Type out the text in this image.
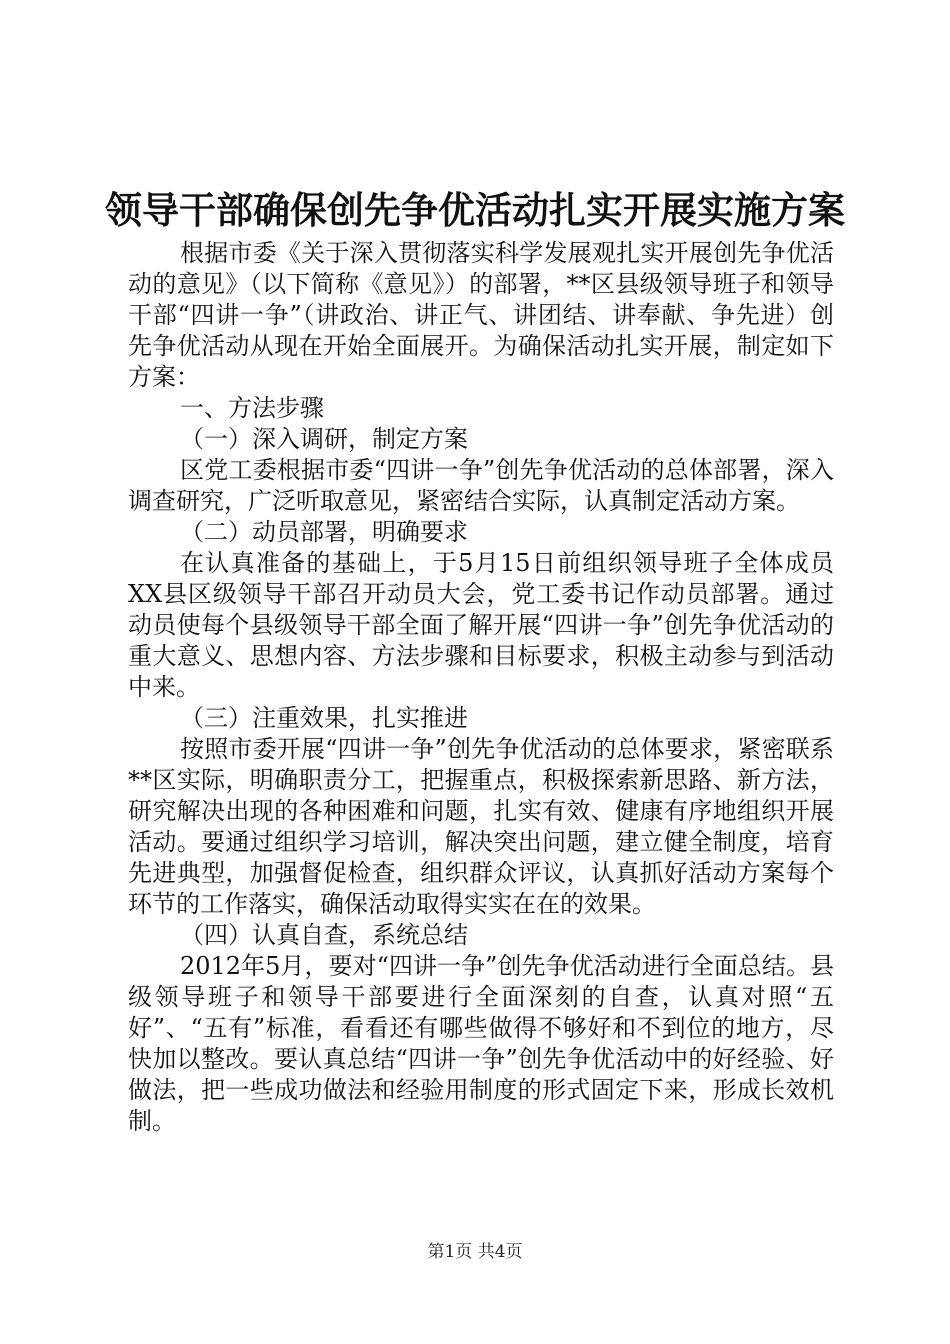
领导干部确保创先争优活动扎实开展实施方案

根据市委《关于深入贯彻落实科学发展观扎实开展创先争优活动的意见》（以下简称《意见》）的部署，**区县级领导班子和领导干部“四讲一争”（讲政治、讲正气、讲团结、讲奉献、争先进）创先争优活动从现在开始全面展开。为确保活动扎实开展，制定如下方案：

一、方法步骤

（一）深入调研，制定方案

区党工委根据市委“四讲一争”创先争优活动的总体部署，深入调查研究，广泛听取意见，紧密结合实际，认真制定活动方案。

（二）动员部署，明确要求

在认真准备的基础上，于5月15日前组织领导班子全体成员XX县区级领导干部召开动员大会，党工委书记作动员部署。通过动员使每个县级领导干部全面了解开展“四讲一争”创先争优活动的重大意义、思想内容、方法步骤和目标要求，积极主动参与到活动中来。

（三）注重效果，扎实推进

按照市委开展“四讲一争”创先争优活动的总体要求，紧密联系**区实际，明确职责分工，把握重点，积极探索新思路、新方法，研究解决出现的各种困难和问题，扎实有效、健康有序地组织开展活动。要通过组织学习培训，解决突出问题，建立健全制度，培育先进典型，加强督促检查，组织群众评议，认真抓好活动方案每个环节的工作落实，确保活动取得实实在在的效果。

（四）认真自查，系统总结

2012年5月，要对“四讲一争”创先争优活动进行全面总结。县级领导班子和领导干部要进行全面深刻的自查，认真对照“五好”、“五有”标准，看看还有哪些做得不够好和不到位的地方，尽快加以整改。要认真总结“四讲一争”创先争优活动中的好经验、好做法，把一些成功做法和经验用制度的形式固定下来，形成长效机制。

第1页 共4页
